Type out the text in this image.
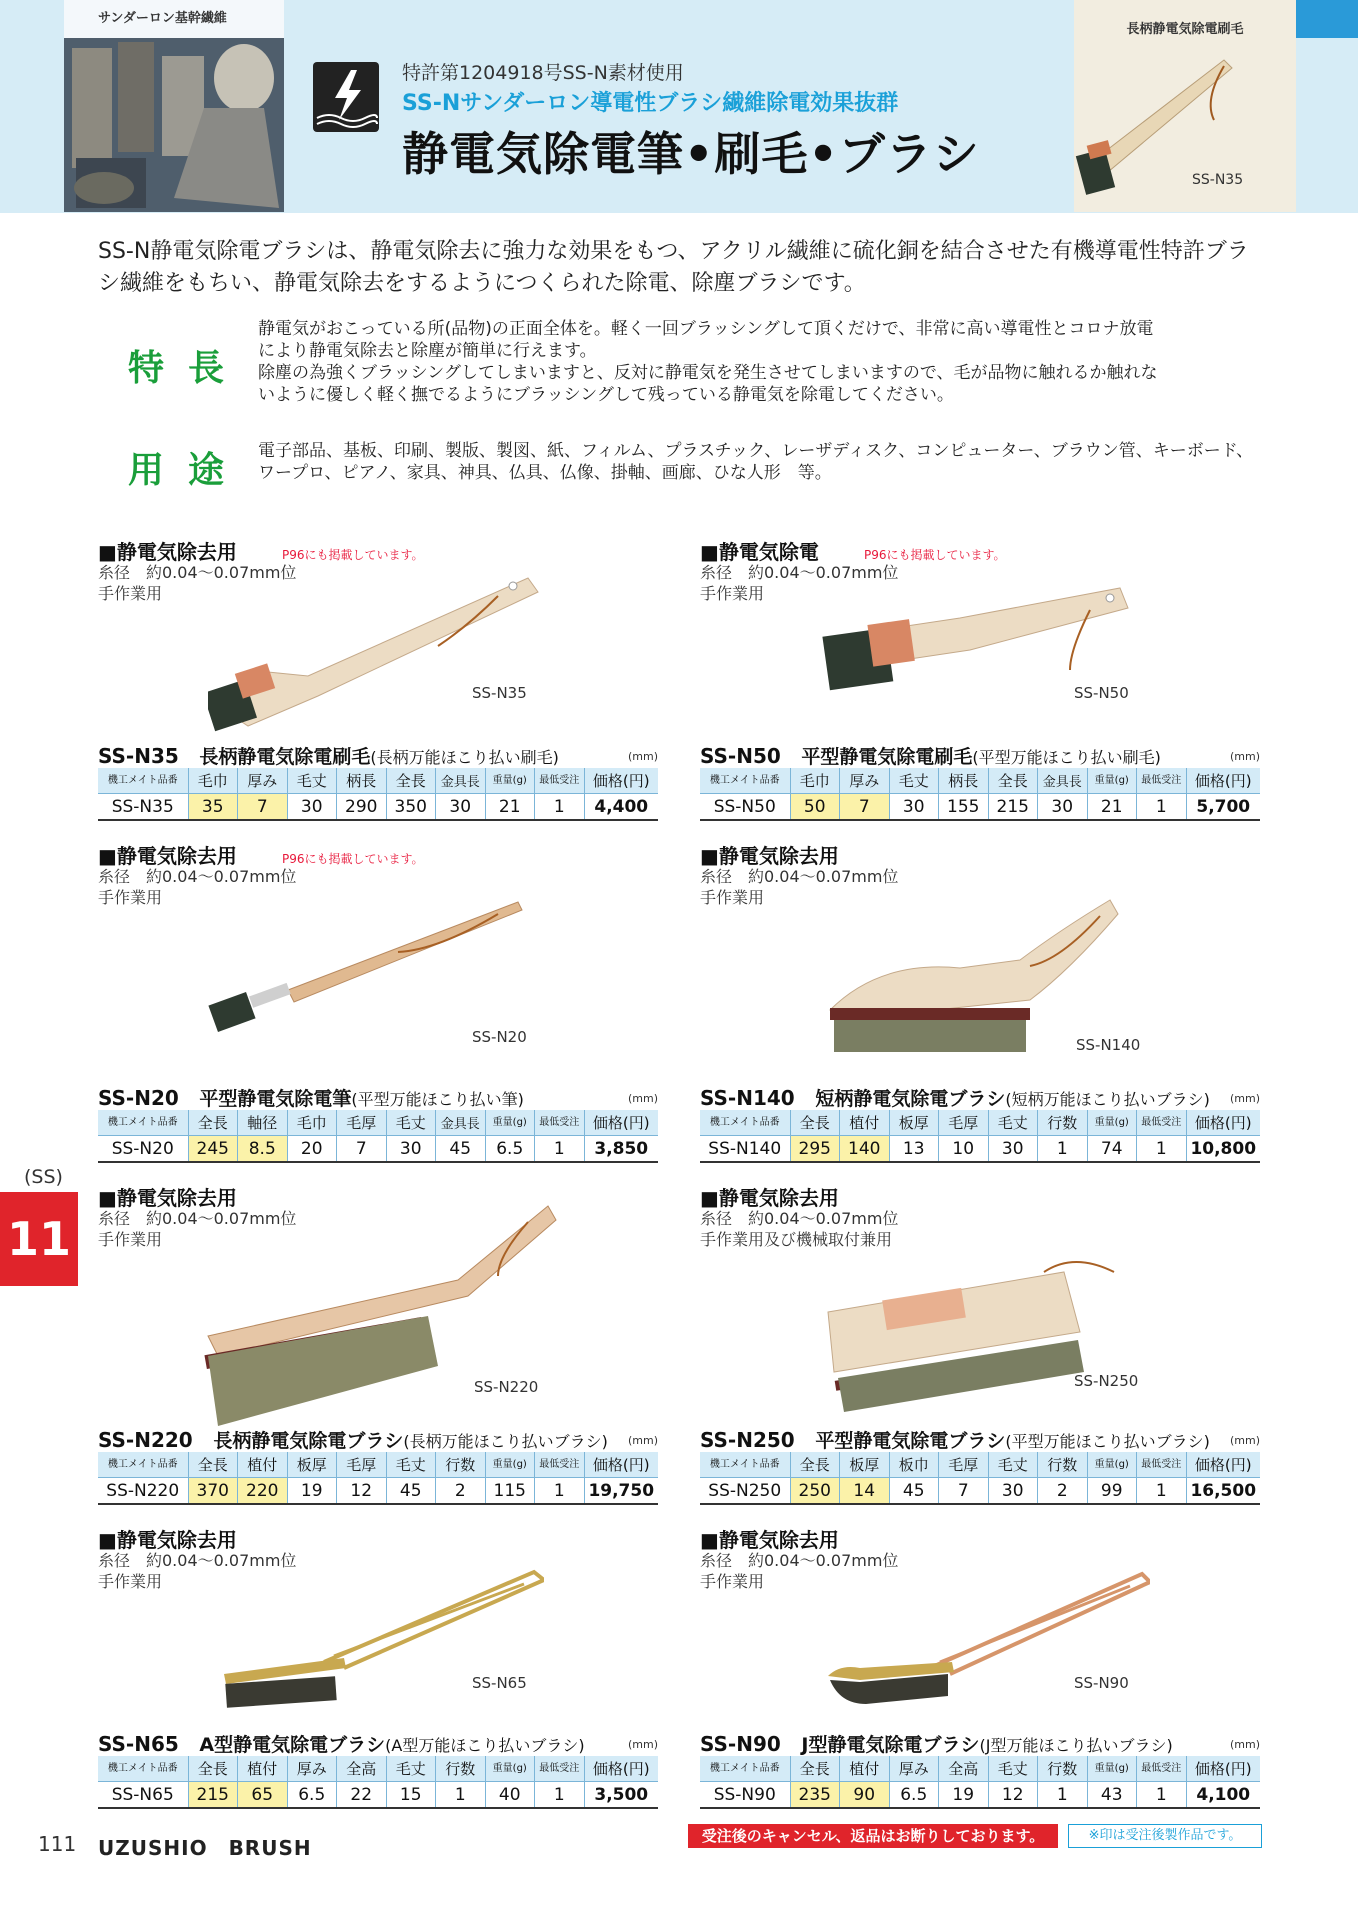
サンダーロン基幹繊維
特許第1204918号SS-N素材使用
SS-Nサンダーロン導電性ブラシ繊維除電効果抜群
静電気除電筆•刷毛•ブラシ
長柄静電気除電刷毛
SS-N35
SS-N静電気除電ブラシは、静電気除去に強力な効果をもつ、アクリル繊維に硫化銅を結合させた有機導電性特許ブラシ繊維をもちい、静電気除去をするようにつくられた除電、除塵ブラシです。
特長
静電気がおこっている所(品物)の正面全体を。軽く一回ブラッシングして頂くだけで、非常に高い導電性とコロナ放電
により静電気除去と除塵が簡単に行えます。
除塵の為強くブラッシングしてしまいますと、反対に静電気を発生させてしまいますので、毛が品物に触れるか触れな
いように優しく軽く撫でるようにブラッシングして残っている静電気を除電してください。
用途 電子部品、基板、印刷、製版、製図、紙、フィルム、プラスチック、レーザディスク、コンピューター、ブラウン管、キーボード、
ワープロ、ピアノ、家具、神具、仏具、仏像、掛軸、画廊、ひな人形　等。
(SS)
11
■静電気除去用	P96にも掲載しています。
糸径　約0.04～0.07mm位
手作業用
SS-N35
SS-N35 長柄静電気除電刷毛(長柄万能ほこり払い刷毛)	(mm)
機工メイト品番	毛巾	厚み	毛丈	柄長	全長	金具長	重量(g)	最低受注	価格(円)
SS-N35	35	7	30	290	350	30	21	1	4,400
■静電気除電	P96にも掲載しています。
糸径　約0.04～0.07mm位
手作業用
SS-N50
SS-N50 平型静電気除電刷毛(平型万能ほこり払い刷毛)	(mm)
機工メイト品番	毛巾	厚み	毛丈	柄長	全長	金具長	重量(g)	最低受注	価格(円)
SS-N50	50	7	30	155	215	30	21	1	5,700
■静電気除去用	P96にも掲載しています。
糸径　約0.04～0.07mm位
手作業用
SS-N20
SS-N20 平型静電気除電筆(平型万能ほこり払い筆)	(mm)
機工メイト品番	全長	軸径	毛巾	毛厚	毛丈	金具長	重量(g)	最低受注	価格(円)
SS-N20	245	8.5	20	7	30	45	6.5	1	3,850
■静電気除去用
糸径　約0.04～0.07mm位
手作業用
SS-N140
SS-N140 短柄静電気除電ブラシ(短柄万能ほこり払いブラシ) (mm)
機工メイト品番	全長	植付	板厚	毛厚	毛丈	行数	重量(g)	最低受注	価格(円)
SS-N140	295	140	13	10	30	1	74	1	10,800
■静電気除去用
糸径　約0.04～0.07mm位
手作業用
SS-N220
SS-N220 長柄静電気除電ブラシ(長柄万能ほこり払いブラシ) (mm)
機工メイト品番	全長	植付	板厚	毛厚	毛丈	行数	重量(g)	最低受注	価格(円)
SS-N220	370	220	19	12	45	2	115	1	19,750
■静電気除去用
糸径　約0.04～0.07mm位
手作業用及び機械取付兼用
SS-N250
SS-N250 平型静電気除電ブラシ(平型万能ほこり払いブラシ) (mm)
機工メイト品番	全長	板厚	板巾	毛厚	毛丈	行数	重量(g)	最低受注	価格(円)
SS-N250	250	14	45	7	30	2	99	1	16,500
■静電気除去用
糸径　約0.04～0.07mm位
手作業用
SS-N65
SS-N65 A型静電気除電ブラシ(A型万能ほこり払いブラシ)	(mm)
機工メイト品番	全長	植付	厚み	全高	毛丈	行数	重量(g)	最低受注	価格(円)
SS-N65	215	65	6.5	22	15	1	40	1	3,500
■静電気除去用
糸径　約0.04～0.07mm位
手作業用
SS-N90
SS-N90 J型静電気除電ブラシ(J型万能ほこり払いブラシ)	(mm)
機工メイト品番	全長	植付	厚み	全高	毛丈	行数	重量(g)	最低受注	価格(円)
SS-N90	235	90	6.5	19	12	1	43	1	4,100
111 UZUSHIO　BRUSH	受注後のキャンセル、返品はお断りしております。	※印は受注後製作品です。
